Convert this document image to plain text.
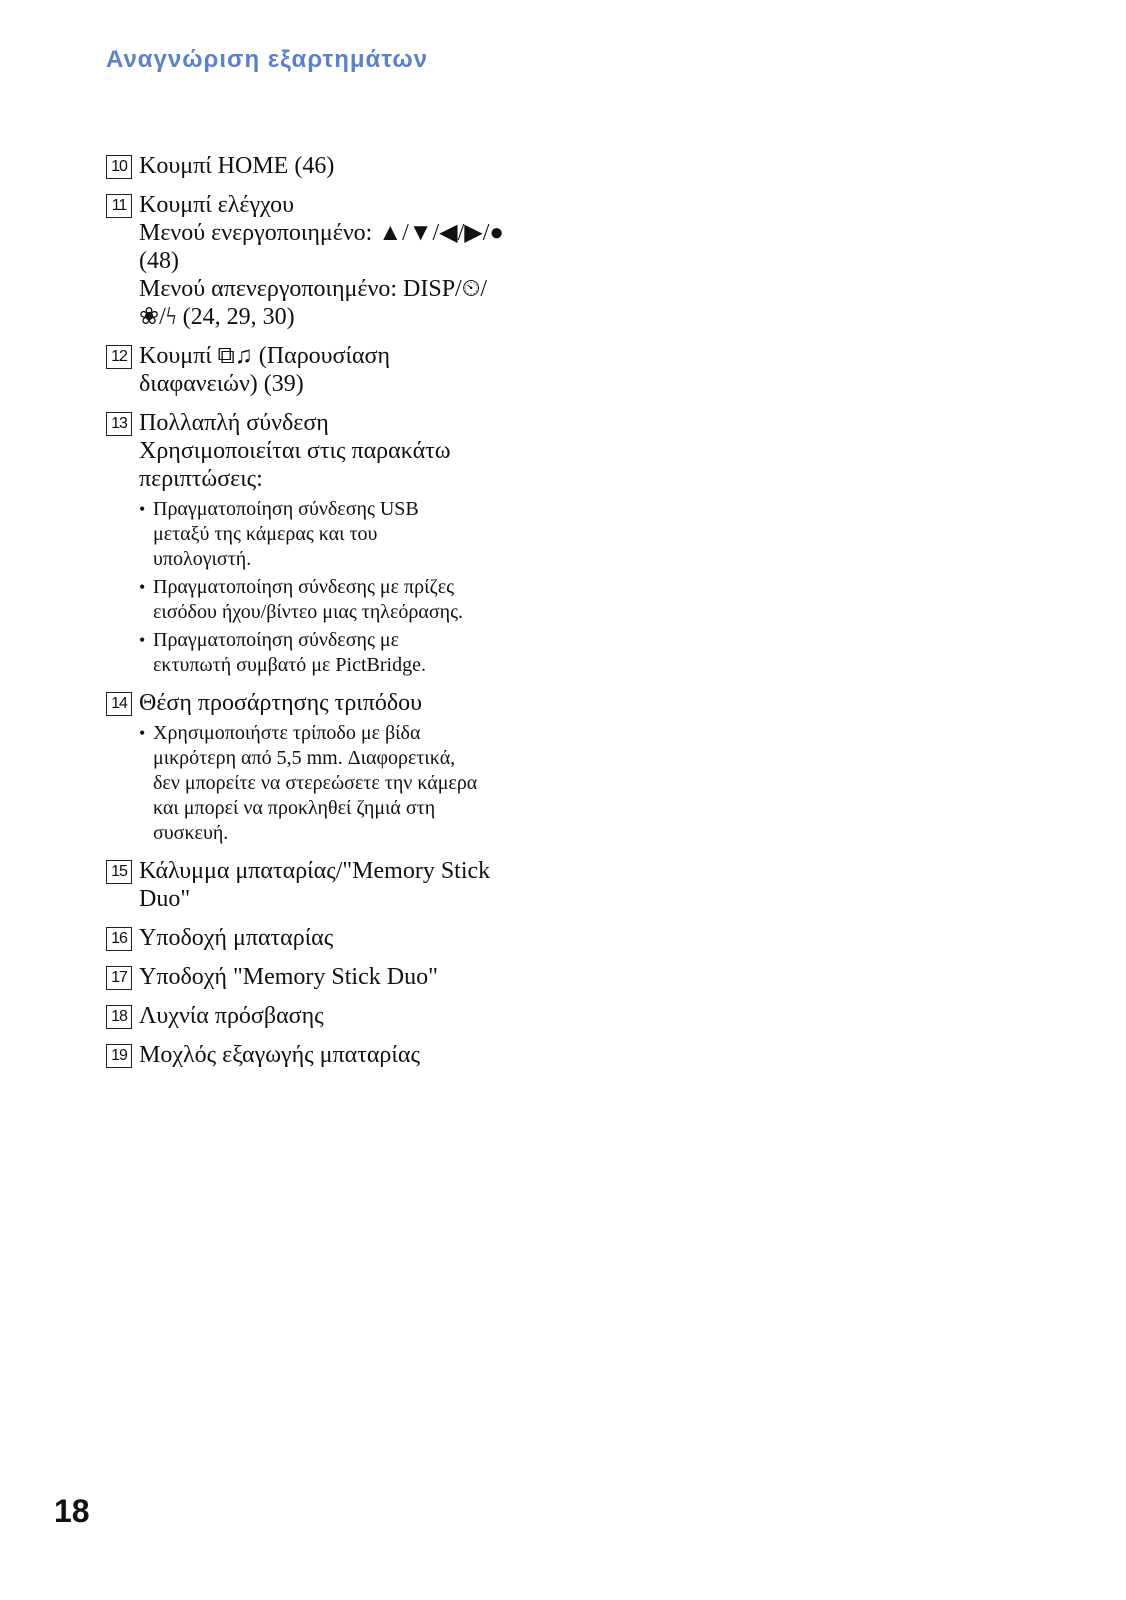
Αναγνώριση εξαρτημάτων
10 Κουμπί HOME (46)
11 Κουμπί ελέγχου
Μενού ενεργοποιημένο: ▲/▼/◀/▶/●
(48)
Μενού απενεργοποιημένο: DISP/⏲/
❀/ϟ (24, 29, 30)
12 Κουμπί ⧉♫ (Παρουσίαση
διαφανειών) (39)
13 Πολλαπλή σύνδεση
Χρησιμοποιείται στις παρακάτω
περιπτώσεις:
• Πραγματοποίηση σύνδεσης USB
μεταξύ της κάμερας και του
υπολογιστή.
• Πραγματοποίηση σύνδεσης με πρίζες
εισόδου ήχου/βίντεο μιας τηλεόρασης.
• Πραγματοποίηση σύνδεσης με
εκτυπωτή συμβατό με PictBridge.
14 Θέση προσάρτησης τριπόδου
• Χρησιμοποιήστε τρίποδο με βίδα
μικρότερη από 5,5 mm. Διαφορετικά,
δεν μπορείτε να στερεώσετε την κάμερα
και μπορεί να προκληθεί ζημιά στη
συσκευή.
15 Κάλυμμα μπαταρίας/"Memory Stick
Duo"
16 Υποδοχή μπαταρίας
17 Υποδοχή "Memory Stick Duo"
18 Λυχνία πρόσβασης
19 Μοχλός εξαγωγής μπαταρίας
18
